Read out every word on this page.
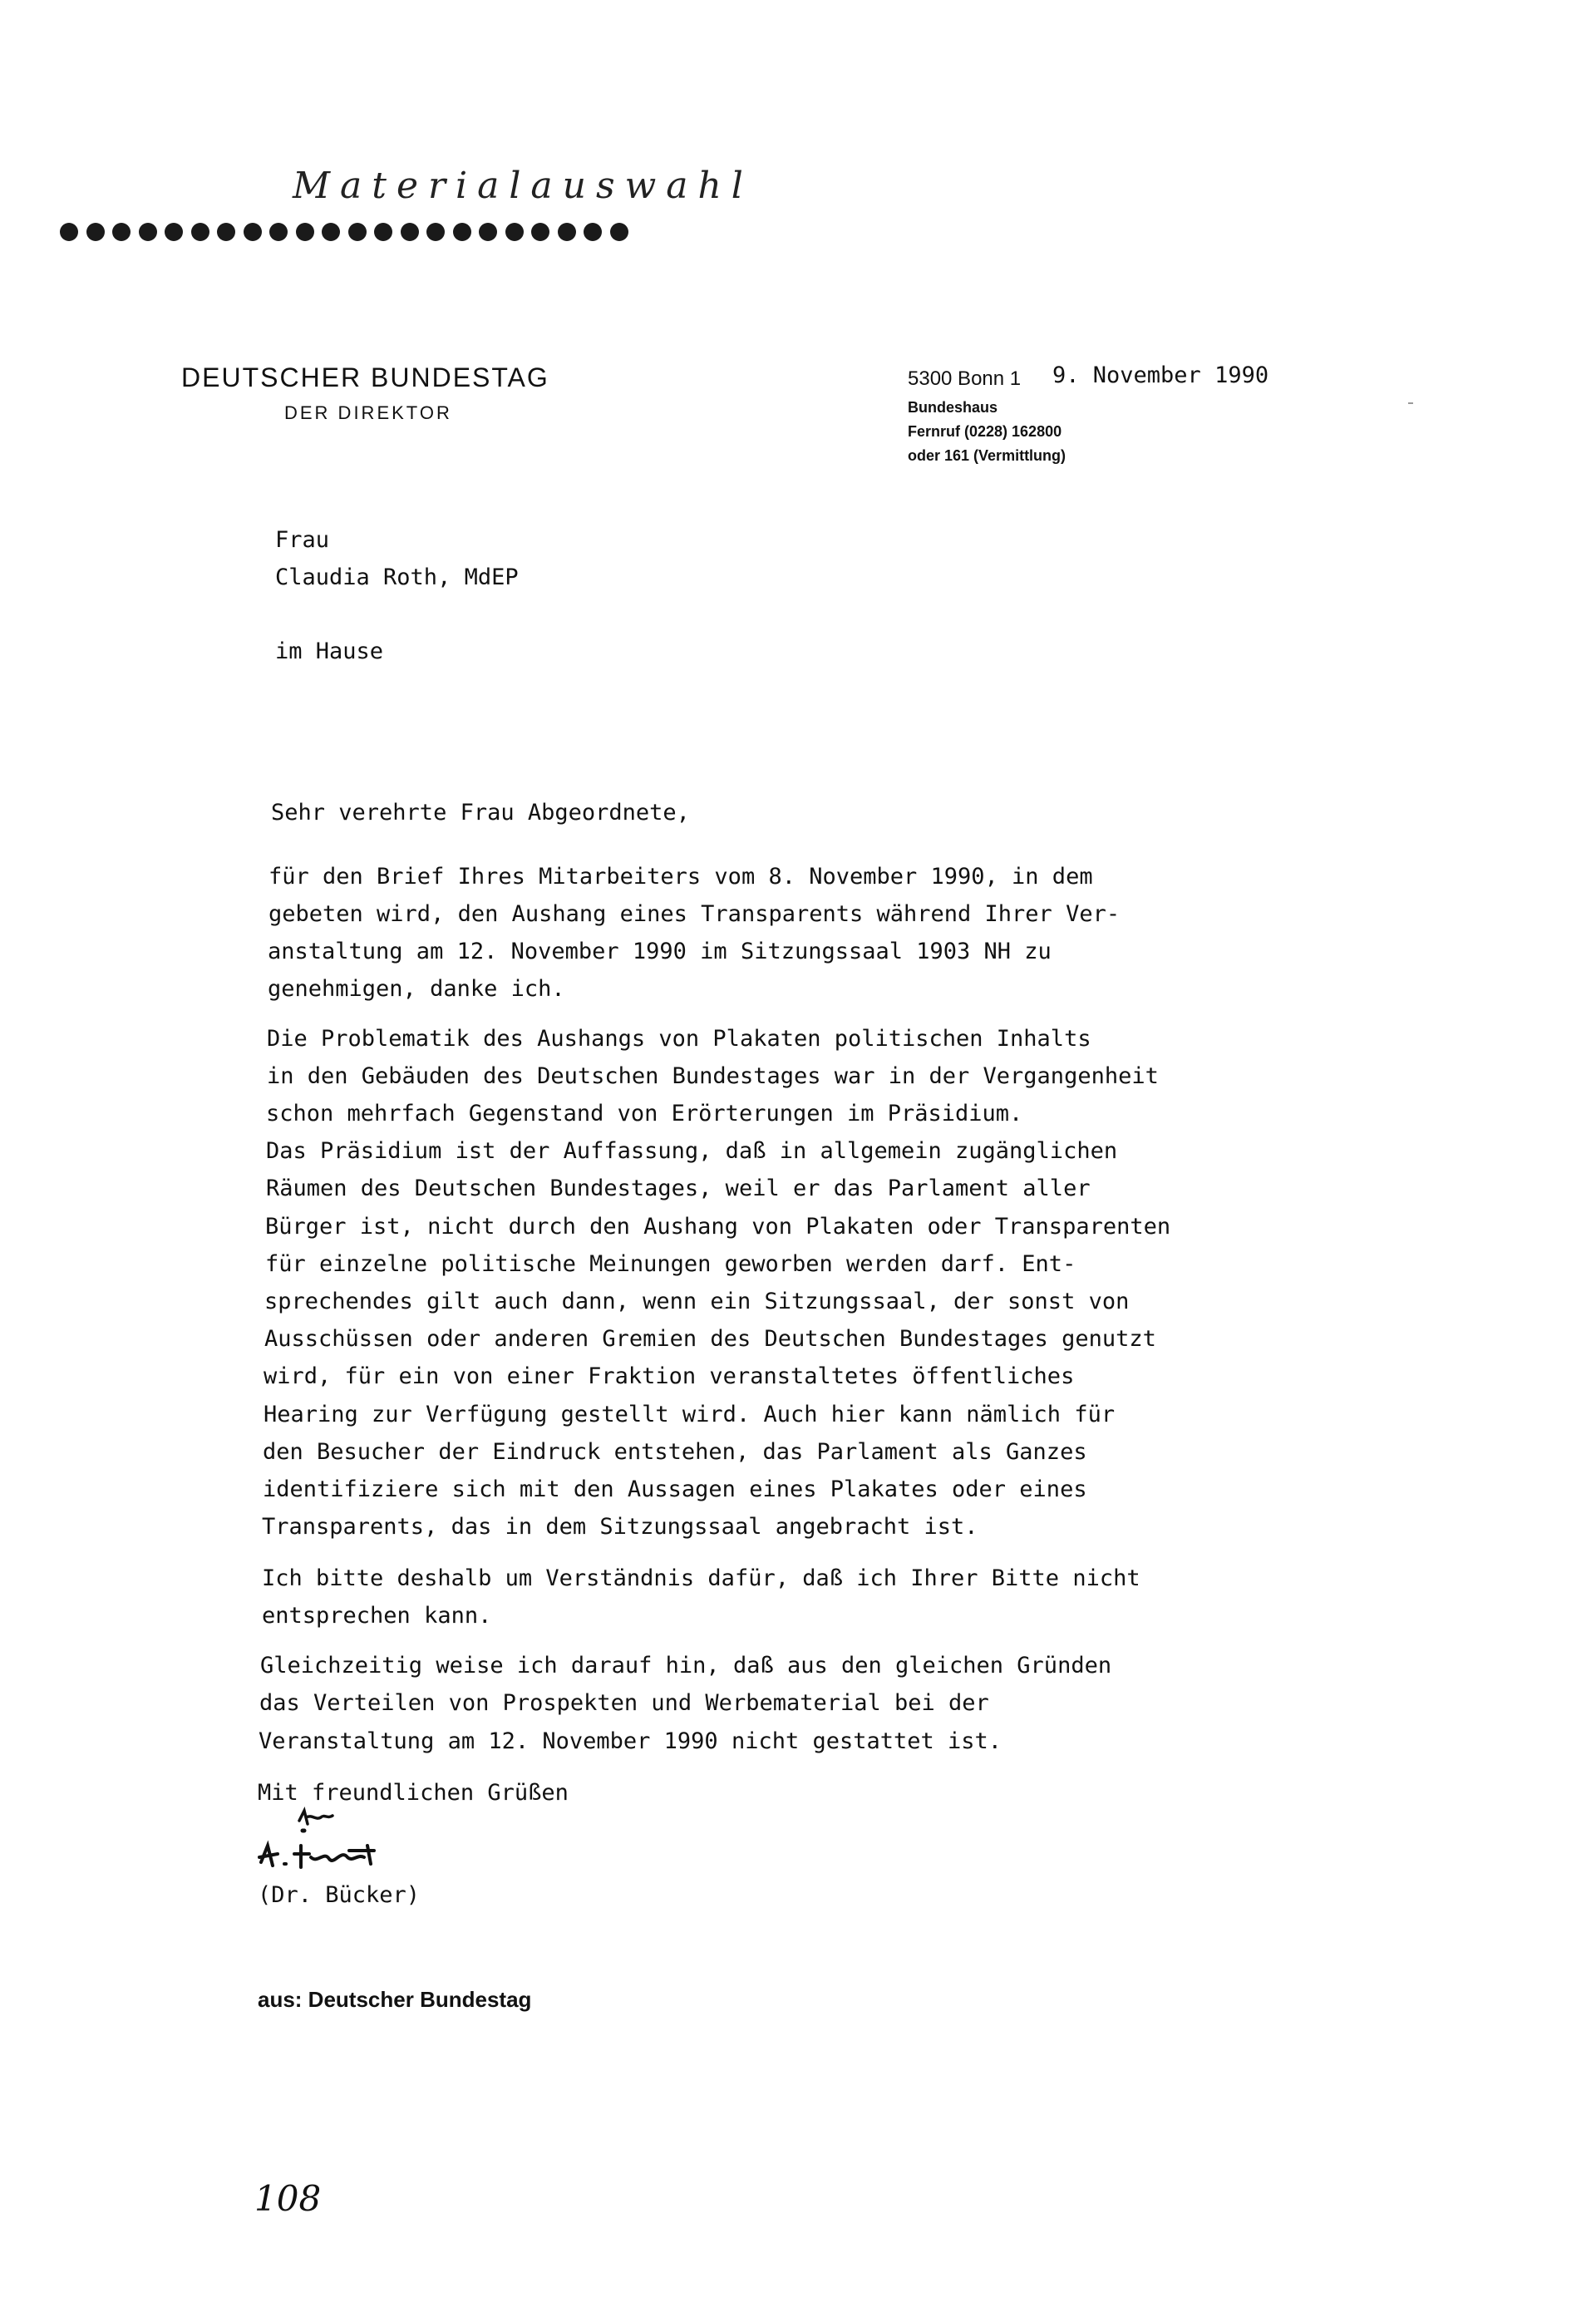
Materialauswahl
DEUTSCHER BUNDESTAG
DER DIREKTOR
5300 Bonn 1
Bundeshaus
Fernruf (0228) 162800
oder 161 (Vermittlung)
9. November 1990
Frau
Claudia Roth, MdEP
im Hause
Sehr verehrte Frau Abgeordnete,
für den Brief Ihres Mitarbeiters vom 8. November 1990, in dem
gebeten wird, den Aushang eines Transparents während Ihrer Ver-
anstaltung am 12. November 1990 im Sitzungssaal 1903 NH zu
genehmigen, danke ich.
Die Problematik des Aushangs von Plakaten politischen Inhalts
in den Gebäuden des Deutschen Bundestages war in der Vergangenheit
schon mehrfach Gegenstand von Erörterungen im Präsidium.
Das Präsidium ist der Auffassung, daß in allgemein zugänglichen
Räumen des Deutschen Bundestages, weil er das Parlament aller
Bürger ist, nicht durch den Aushang von Plakaten oder Transparenten
für einzelne politische Meinungen geworben werden darf. Ent-
sprechendes gilt auch dann, wenn ein Sitzungssaal, der sonst von
Ausschüssen oder anderen Gremien des Deutschen Bundestages genutzt
wird, für ein von einer Fraktion veranstaltetes öffentliches
Hearing zur Verfügung gestellt wird. Auch hier kann nämlich für
den Besucher der Eindruck entstehen, das Parlament als Ganzes
identifiziere sich mit den Aussagen eines Plakates oder eines
Transparents, das in dem Sitzungssaal angebracht ist.
Ich bitte deshalb um Verständnis dafür, daß ich Ihrer Bitte nicht
entsprechen kann.
Gleichzeitig weise ich darauf hin, daß aus den gleichen Gründen
das Verteilen von Prospekten und Werbematerial bei der
Veranstaltung am 12. November 1990 nicht gestattet ist.
Mit freundlichen Grüßen
(Dr. Bücker)
aus: Deutscher Bundestag
108
